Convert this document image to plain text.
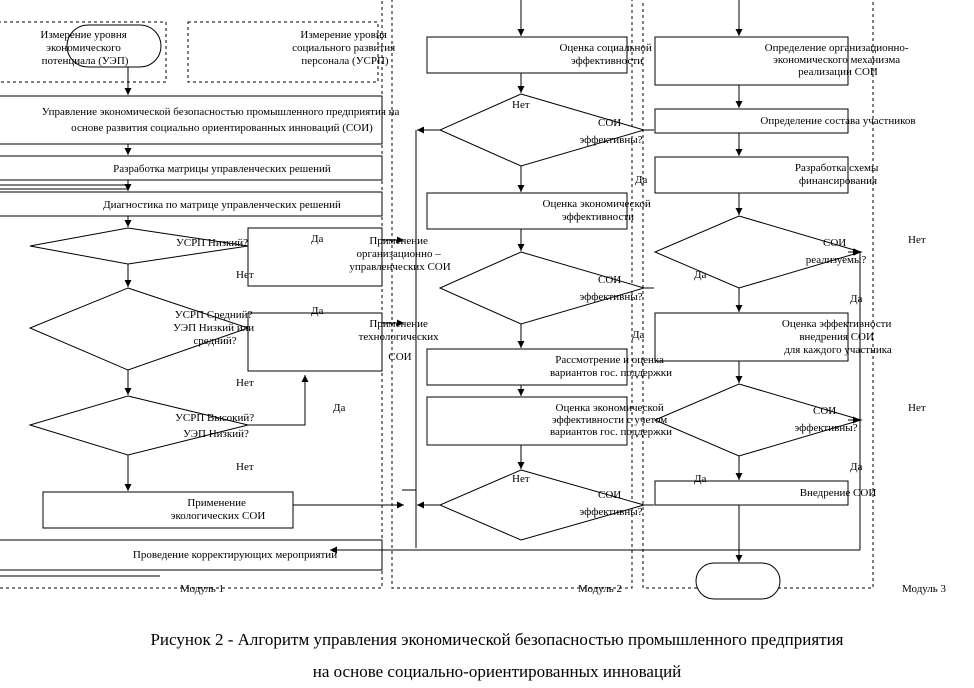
Измерение уровня экономического потенциала (УЭП)
Измерение уровня социального развития персонала (УСРП)
Управление экономической безопасностью промышленного предприятия на основе развития социально ориентированных инноваций (СОИ)
Разработка матрицы управленческих решений
Диагностика по матрице управленческих решений
УСРП Низкий?
УСРП Средний? УЭП Низкий или средний?
УСРП Высокий? УЭП Низкий?
Применение организационно – управленческих СОИ
Применение технологических СОИ
Применение экологических СОИ
Проведение корректирующих мероприятий
Да
Нет
Да
Нет
Да
Нет
Модуль 1
Оценка социальной эффективности
СОИ эффективны?
Оценка экономической эффективности
СОИ эффективны?
Рассмотрение и оценка вариантов гос. поддержки
Оценка экономической эффективности с учетом вариантов гос. поддержки
СОИ эффективны?
Нет
Нет
Да
Да
Модуль 2
Определение организационно- экономического механизма реализации СОИ
Определение состава участников
Разработка схемы финансирования
СОИ реализуемы?
Оценка эффективности внедрения СОИ для каждого участника
СОИ эффективны?
Внедрение СОИ
Нет
Да
Да
Нет
Да
Да
Модуль 3
Рисунок 2 - Алгоритм управления экономической безопасностью промышленного предприятия
на основе социально-ориентированных инноваций
